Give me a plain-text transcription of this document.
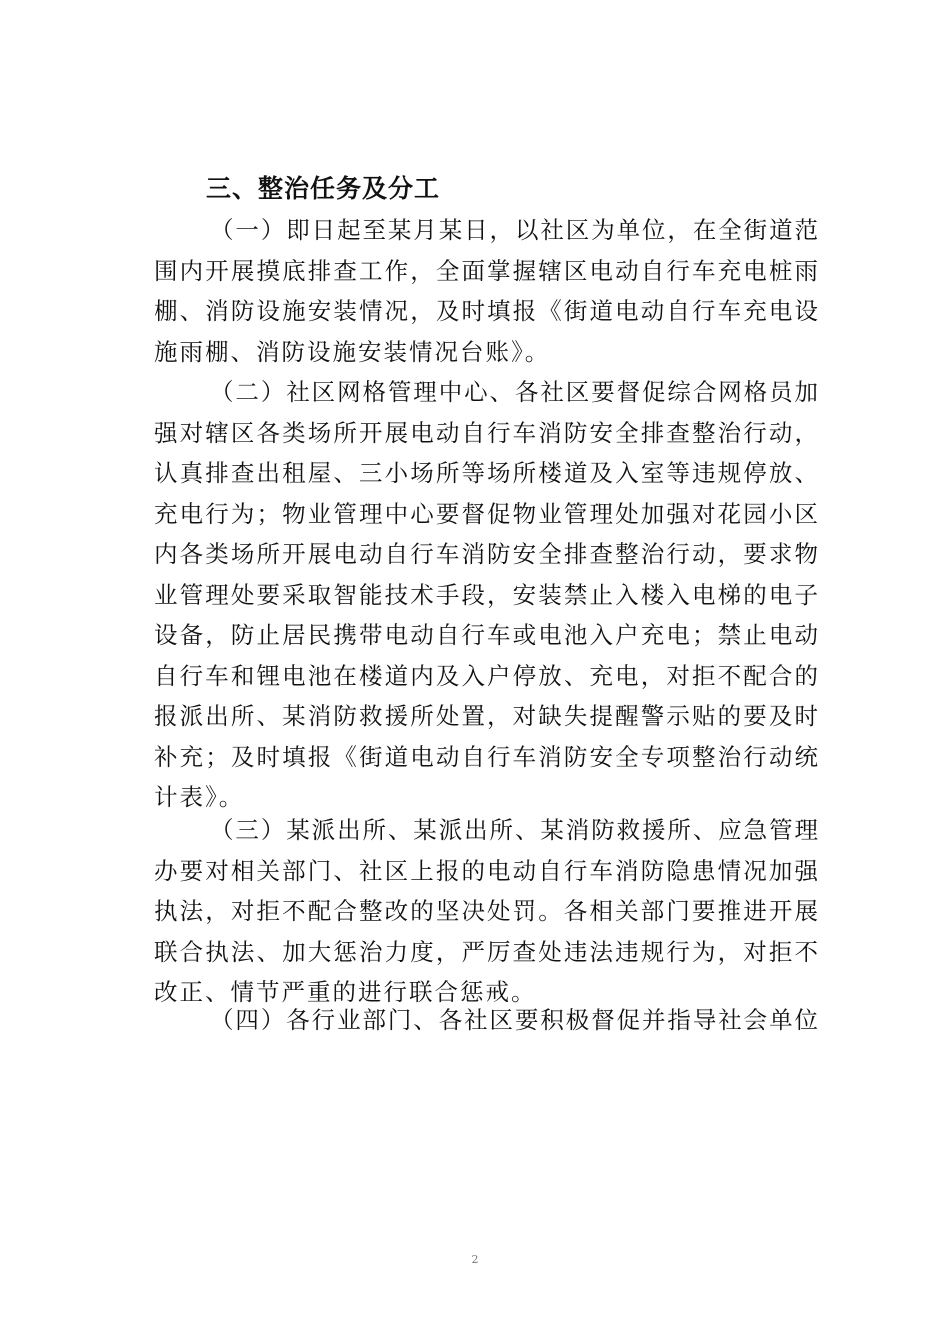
三、整治任务及分工
（一）即日起至某月某日，以社区为单位，在全街道范
围内开展摸底排查工作，全面掌握辖区电动自行车充电桩雨
棚、消防设施安装情况，及时填报《街道电动自行车充电设
施雨棚、消防设施安装情况台账》。
（二）社区网格管理中心、各社区要督促综合网格员加
强对辖区各类场所开展电动自行车消防安全排查整治行动，
认真排查出租屋、三小场所等场所楼道及入室等违规停放、
充电行为；物业管理中心要督促物业管理处加强对花园小区
内各类场所开展电动自行车消防安全排查整治行动，要求物
业管理处要采取智能技术手段，安装禁止入楼入电梯的电子
设备，防止居民携带电动自行车或电池入户充电；禁止电动
自行车和锂电池在楼道内及入户停放、充电，对拒不配合的
报派出所、某消防救援所处置，对缺失提醒警示贴的要及时
补充；及时填报《街道电动自行车消防安全专项整治行动统
计表》。
（三）某派出所、某派出所、某消防救援所、应急管理
办要对相关部门、社区上报的电动自行车消防隐患情况加强
执法，对拒不配合整改的坚决处罚。各相关部门要推进开展
联合执法、加大惩治力度，严厉查处违法违规行为，对拒不
改正、情节严重的进行联合惩戒。
（四）各行业部门、各社区要积极督促并指导社会单位
2
